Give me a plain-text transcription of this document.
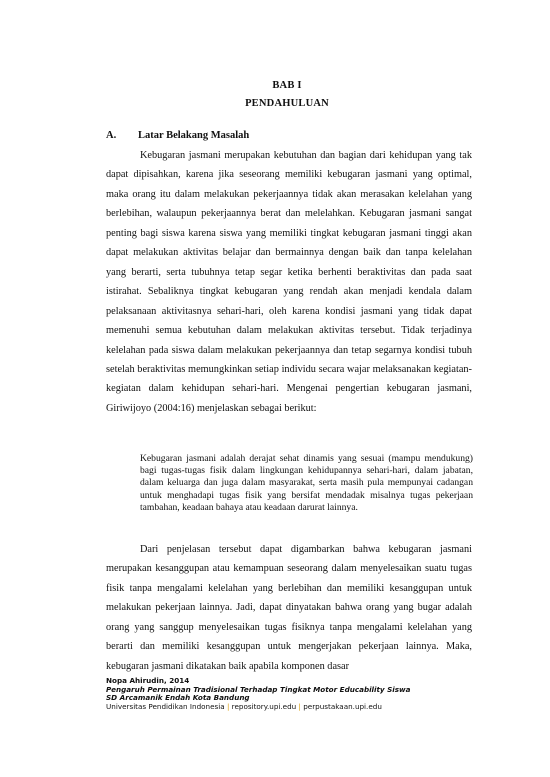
BAB I
PENDAHULUAN
A. Latar Belakang Masalah

Kebugaran jasmani merupakan kebutuhan dan bagian dari kehidupan yang tak dapat dipisahkan, karena jika seseorang memiliki kebugaran jasmani yang optimal, maka orang itu dalam melakukan pekerjaannya tidak akan merasakan kelelahan yang berlebihan, walaupun pekerjaannya berat dan melelahkan. Kebugaran jasmani sangat penting bagi siswa karena siswa yang memiliki tingkat kebugaran jasmani tinggi akan dapat melakukan aktivitas belajar dan bermainnya dengan baik dan tanpa kelelahan yang berarti, serta tubuhnya tetap segar ketika berhenti beraktivitas dan pada saat istirahat. Sebaliknya tingkat kebugaran yang rendah akan menjadi kendala dalam pelaksanaan aktivitasnya sehari-hari, oleh karena kondisi jasmani yang tidak dapat memenuhi semua kebutuhan dalam melakukan aktivitas tersebut. Tidak terjadinya kelelahan pada siswa dalam melakukan pekerjaannya dan tetap segarnya kondisi tubuh setelah beraktivitas memungkinkan setiap individu secara wajar melaksanakan kegiatan-kegiatan dalam kehidupan sehari-hari. Mengenai pengertian kebugaran jasmani, Giriwijoyo (2004:16) menjelaskan sebagai berikut:

Kebugaran jasmani adalah derajat sehat dinamis yang sesuai (mampu mendukung) bagi tugas-tugas fisik dalam lingkungan kehidupannya sehari-hari, dalam jabatan, dalam keluarga dan juga dalam masyarakat, serta masih pula mempunyai cadangan untuk menghadapi tugas fisik yang bersifat mendadak misalnya tugas pekerjaan tambahan, keadaan bahaya atau keadaan darurat lainnya.

Dari penjelasan tersebut dapat digambarkan bahwa kebugaran jasmani merupakan kesanggupan atau kemampuan seseorang dalam menyelesaikan suatu tugas fisik tanpa mengalami kelelahan yang berlebihan dan memiliki kesanggupan untuk melakukan pekerjaan lainnya. Jadi, dapat dinyatakan bahwa orang yang bugar adalah orang yang sanggup menyelesaikan tugas fisiknya tanpa mengalami kelelahan yang berarti dan memiliki kesanggupan untuk mengerjakan pekerjaan lainnya. Maka, kebugaran jasmani dikatakan baik apabila komponen dasar

Nopa Ahirudin, 2014
Pengaruh Permainan Tradisional Terhadap Tingkat Motor Educability Siswa
SD Arcamanik Endah Kota Bandung
Universitas Pendidikan Indonesia | repository.upi.edu | perpustakaan.upi.edu
